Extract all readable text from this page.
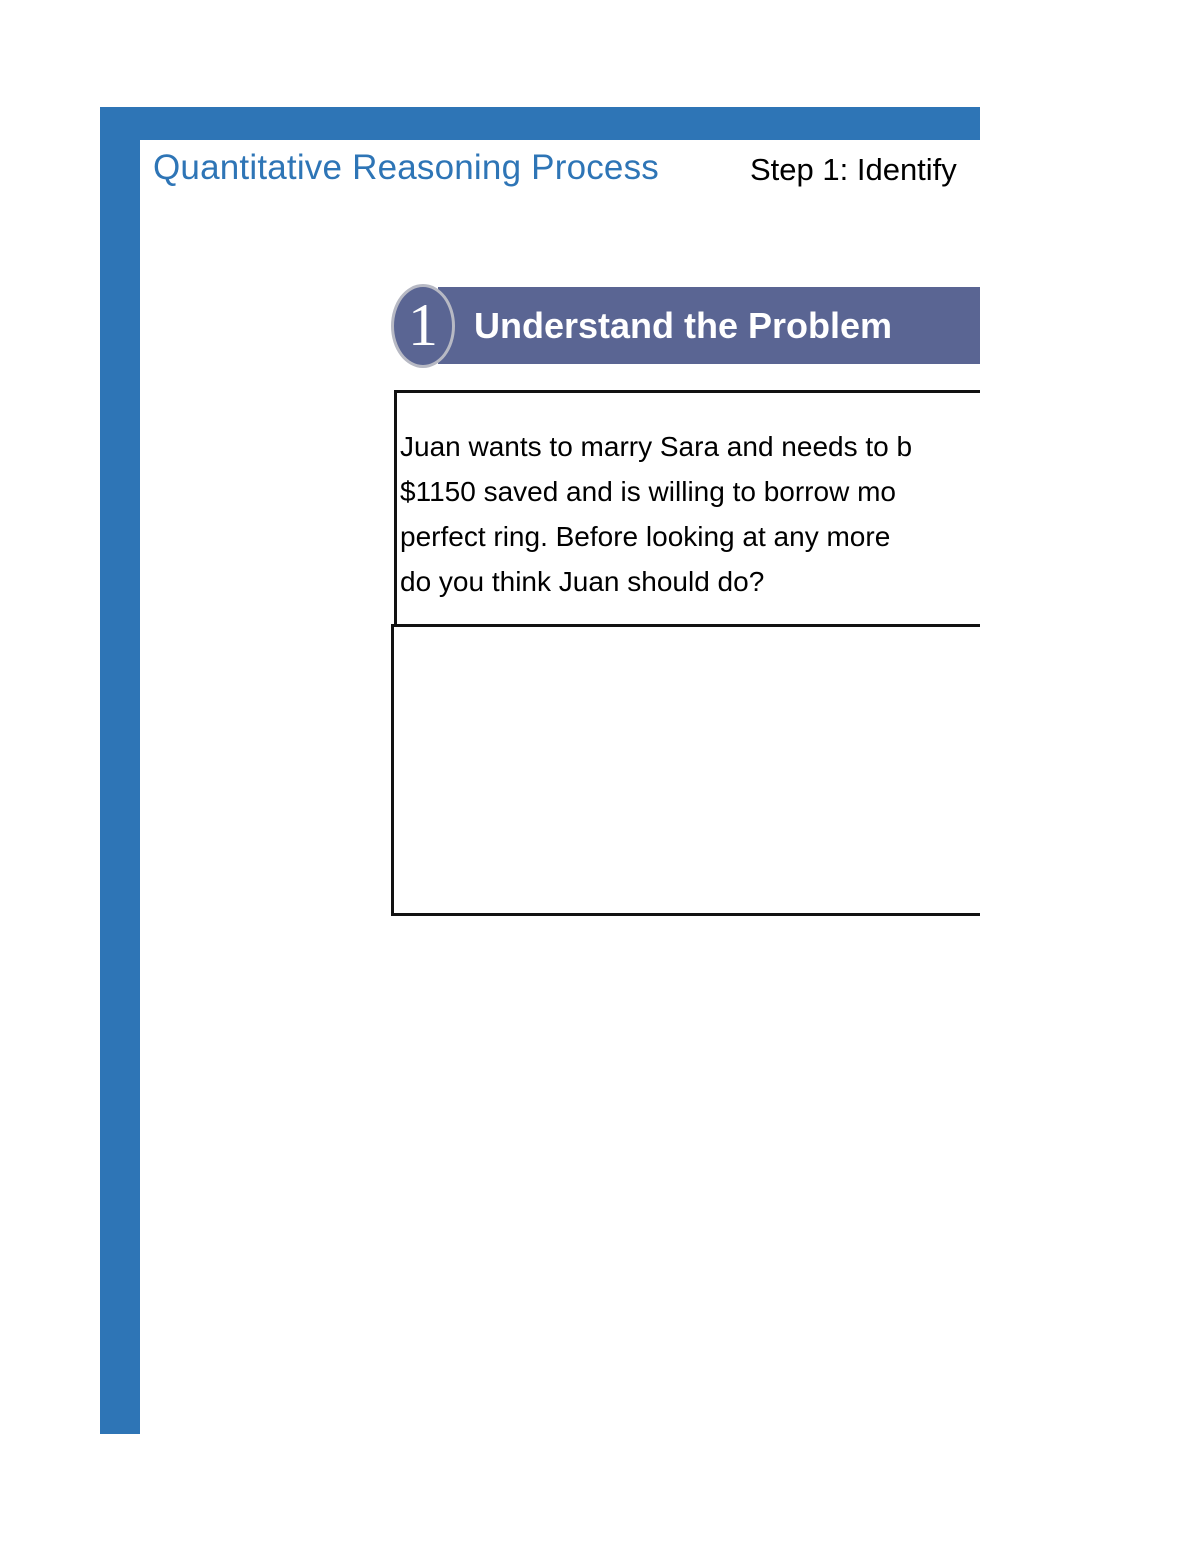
Quantitative Reasoning Process	Step 1: Identify
Understand the Problem
1
Juan wants to marry Sara and needs to b
$1150 saved and is willing to borrow mo
perfect ring. Before looking at any more
do you think Juan should do?
